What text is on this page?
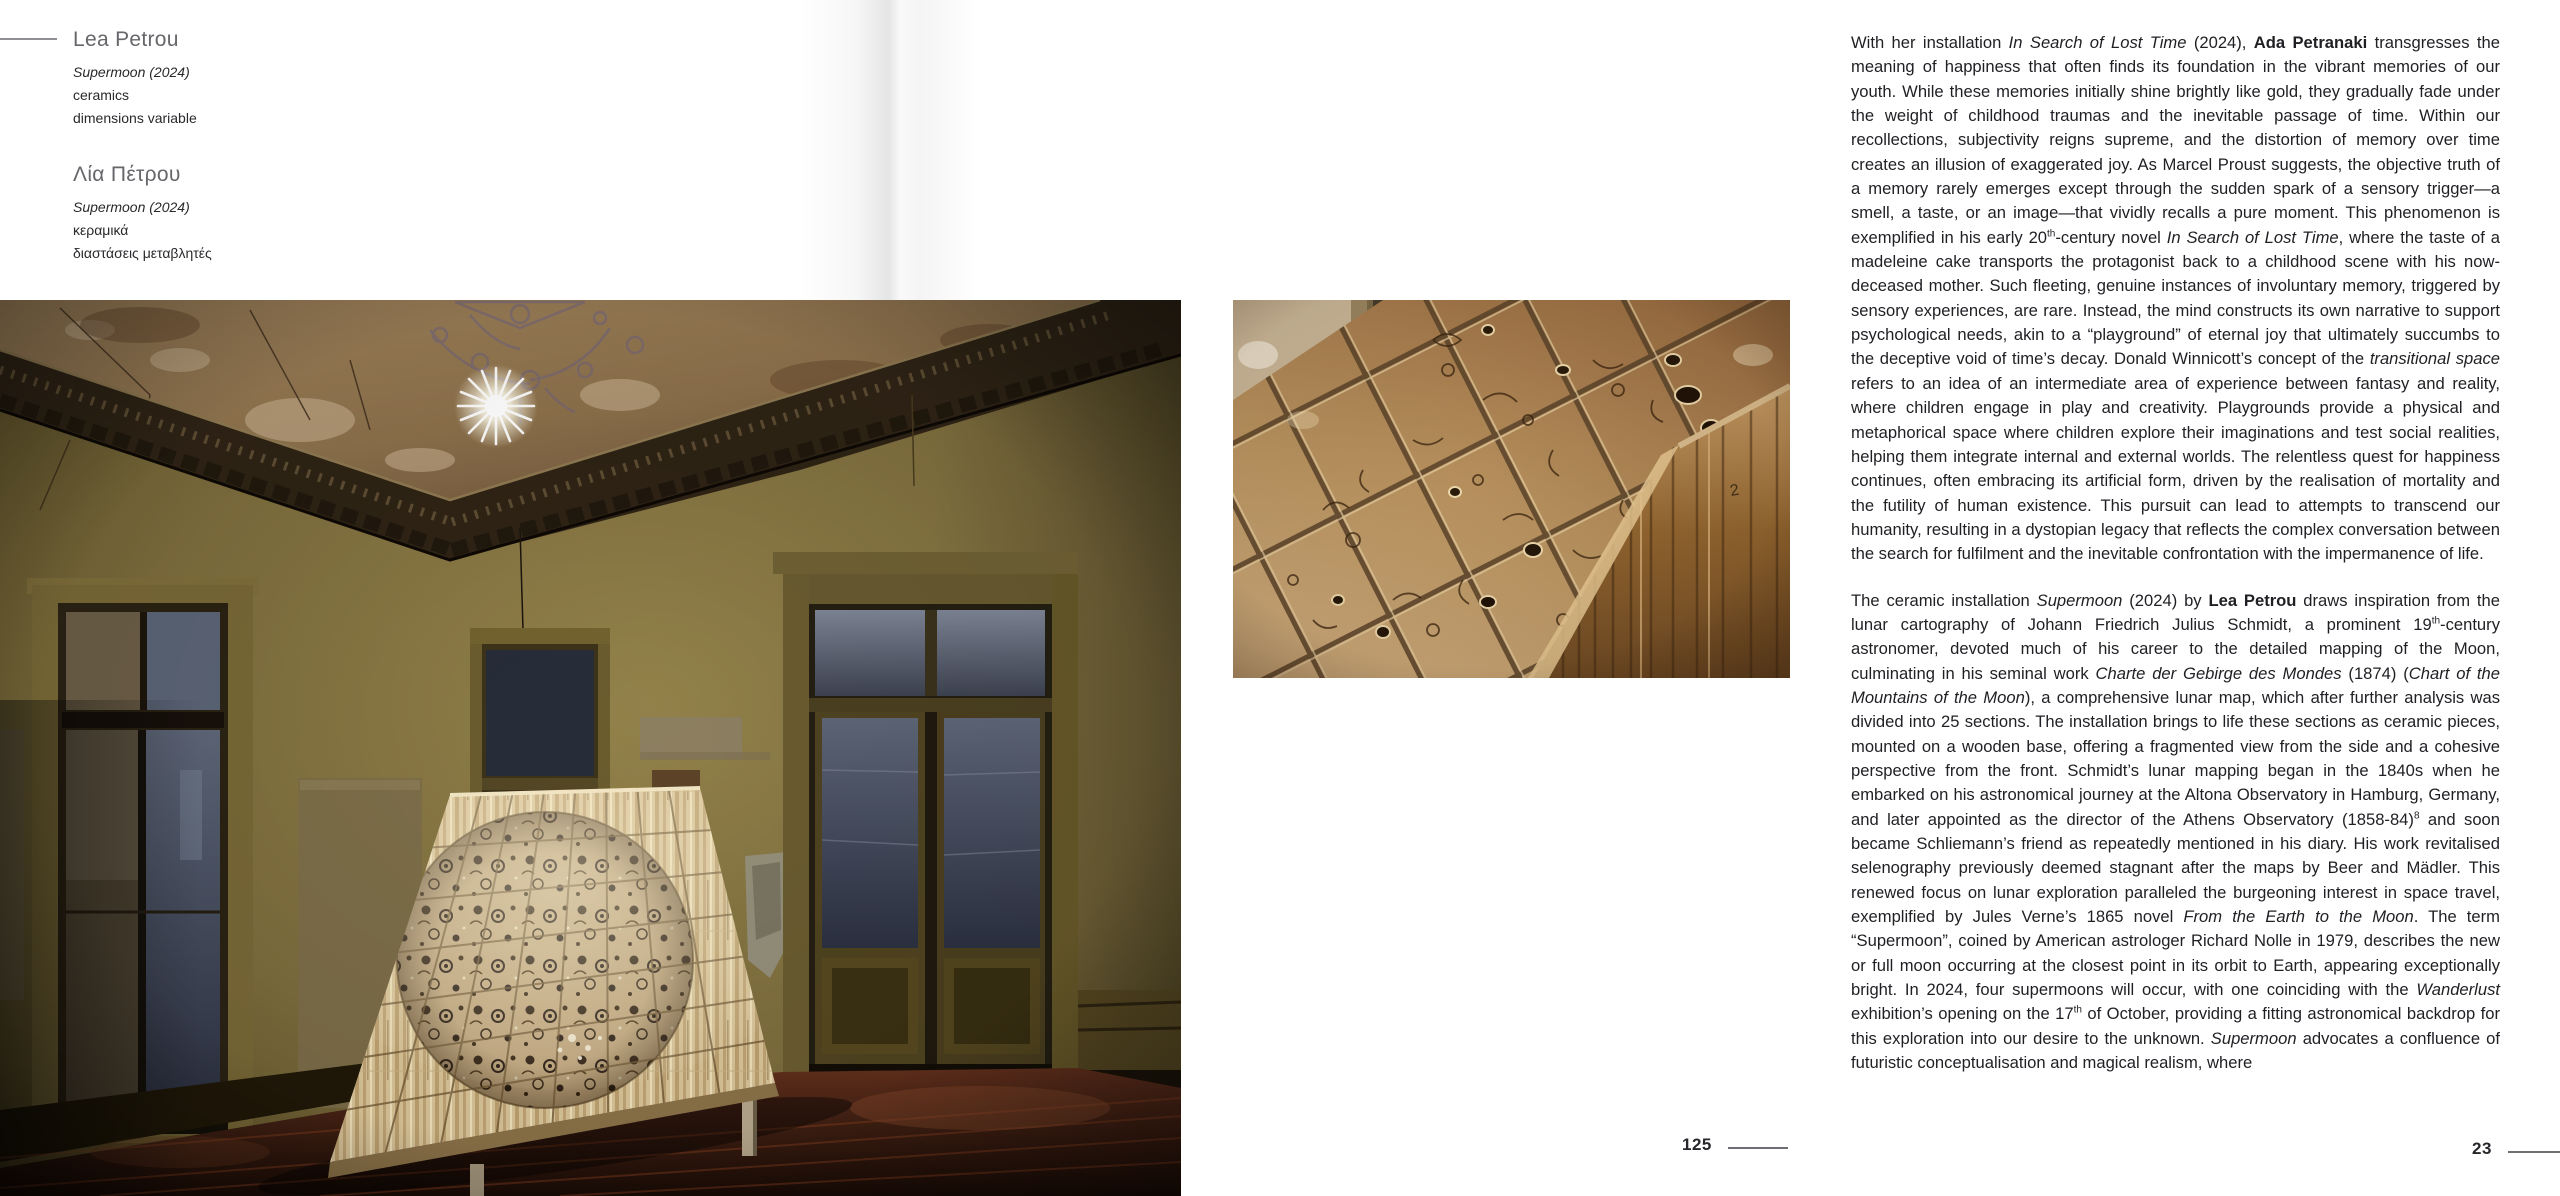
Lea Petrou

Supermoon (2024)

ceramics

dimensions variable

Λία Πέτρου

Supermoon (2024)

κεραμικά

διαστάσεις μεταβλητές

With her installation In Search of Lost Time (2024), Ada Petranaki transgresses the meaning of happiness that often finds its foundation in the vibrant memories of our youth. While these memories initially shine brightly like gold, they gradually fade under the weight of childhood traumas and the inevitable passage of time. Within our recollections, subjectivity reigns supreme, and the distortion of memory over time creates an illusion of exaggerated joy. As Marcel Proust suggests, the objective truth of a memory rarely emerges except through the sudden spark of a sensory trigger—a smell, a taste, or an image—that vividly recalls a pure moment. This phenomenon is exemplified in his early 20th-century novel In Search of Lost Time, where the taste of a madeleine cake transports the protagonist back to a childhood scene with his now-deceased mother. Such fleeting, genuine instances of involuntary memory, triggered by sensory experiences, are rare. Instead, the mind constructs its own narrative to support psychological needs, akin to a “playground” of eternal joy that ultimately succumbs to the deceptive void of time’s decay. Donald Winnicott’s concept of the transitional space refers to an idea of an intermediate area of experience between fantasy and reality, where children engage in play and creativity. Playgrounds provide a physical and metaphorical space where children explore their imaginations and test social realities, helping them integrate internal and external worlds. The relentless quest for happiness continues, often embracing its artificial form, driven by the realisation of mortality and the futility of human existence. This pursuit can lead to attempts to transcend our humanity, resulting in a dystopian legacy that reflects the complex conversation between the search for fulfilment and the inevitable confrontation with the impermanence of life.

The ceramic installation Supermoon (2024) by Lea Petrou draws inspiration from the lunar cartography of Johann Friedrich Julius Schmidt, a prominent 19th-century astronomer, devoted much of his career to the detailed mapping of the Moon, culminating in his seminal work Charte der Gebirge des Mondes (1874) (Chart of the Mountains of the Moon), a comprehensive lunar map, which after further analysis was divided into 25 sections. The installation brings to life these sections as ceramic pieces, mounted on a wooden base, offering a fragmented view from the side and a cohesive perspective from the front. Schmidt’s lunar mapping began in the 1840s when he embarked on his astronomical journey at the Altona Observatory in Hamburg, Germany, and later appointed as the director of the Athens Observatory (1858-84)$^8$ and soon became Schliemann’s friend as repeatedly mentioned in his diary. His work revitalised selenography previously deemed stagnant after the maps by Beer and Mädler. This renewed focus on lunar exploration paralleled the burgeoning interest in space travel, exemplified by Jules Verne’s 1865 novel From the Earth to the Moon. The term “Supermoon”, coined by American astrologer Richard Nolle in 1979, describes the new or full moon occurring at the closest point in its orbit to Earth, appearing exceptionally bright. In 2024, four supermoons will occur, with one coinciding with the Wanderlust exhibition’s opening on the 17th of October, providing a fitting astronomical backdrop for this exploration into our desire to the unknown. Supermoon advocates a confluence of futuristic conceptualisation and magical realism, where

125	23
